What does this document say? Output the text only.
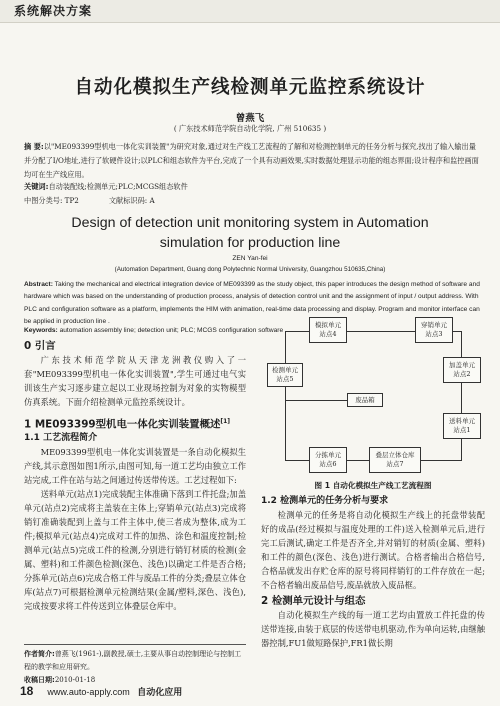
系统解决方案
自动化模拟生产线检测单元监控系统设计
曾燕飞
( 广东技术师范学院自动化学院, 广州 510635 )
摘 要:以"ME093399型机电一体化实训装置"为研究对象,通过对生产线工艺流程的了解和对检测控制单元的任务分析与探究,找出了输入输出量并分配了I/O地址,进行了软硬件设计;以PLC和组态软件为平台,完成了一个具有动画效果,实时数据处理显示功能的组态界面;设计程序和监控画面均可在生产线应用。
关键词:自动装配线;检测单元;PLC;MCGS组态软件
中图分类号: TP2	文献标识码: A
Design of detection unit monitoring system in Automation simulation for production line
ZEN Yan-fei
(Automation Department, Guang dong Polytechnic Normal University, Guangzhou 510635,China)
Abstract: Taking the mechanical and electrical integration device of ME093399 as the study object, this paper introduces the design method of software and hardware which was based on the understanding of production process, analysis of detection control unit and the assignment of input / output address. With PLC and configuration software as a platform, implements the HIM with animation, real-time data processing and display. Program and monitor interface can be applied in production line .
Keywords: automation assembly line; detection unit; PLC; MCGS configuration software
0 引言

广东技术师范学院从天津龙洲教仪购入了一套"ME093399型机电一体化实训装置",学生可通过电气实训该生产实习逐步建立起以工业现场控制为对象的实物模型仿真系统。下面介绍检测单元监控系统设计。

1 ME093399型机电一体化实训装置概述[1]
1.1 工艺流程简介

ME093399型机电一体化实训装置是一条自动化模拟生产线,其示意图如图1所示,由图可知,每一道工艺均由独立工作站完成,工件在站与站之间通过传送带传送。工艺过程如下:

送料单元(站点1)完成装配主体准确下落到工件托盘;加盖单元(站点2)完成将主盖装在主体上;穿销单元(站点3)完成将销钉准确装配到上盖与工件主体中,使三者成为整体,成为工件;模拟单元(站点4)完成对工件的加热、涂色和温度控制;检测单元(站点5)完成工件的检测,分别进行销钉材质的检测(金属、塑料)和工件颜色检测(深色、浅色)以确定工件是否合格;分拣单元(站点6)完成合格工件与废品工件的分类;叠层立体仓库(站点7)可根据检测单元检测结果(金属/塑料,深色、浅色),完成按要求将工件传送到立体叠层仓库中。

模拟单元
站点4
穿销单元
站点3
检测单元
站点5
加盖单元
站点2
废品箱
送料单元
站点1
分拣单元
站点6
叠层立体仓库
站点7
图 1 自动化模拟生产线工艺流程图
1.2 检测单元的任务分析与要求

检测单元的任务是将自动化模拟生产线上的托盘带装配好的成品(经过模拟与温度处理的工件)送入检测单元后,进行完工后测试,确定工件是否齐全,并对销钉的材质(金属、塑料)和工件的颜色(深色、浅色)进行测试。合格者输出合格信号,合格品就发出存贮仓库的原号将同样销钉的工件存放在一起;不合格者输出废品信号,废品就放入废品框。

2 检测单元设计与组态

自动化模拟生产线的每一道工艺均由置放工件托盘的传送带连接,由装于底层的传送带电机驱动,作为单向运转,由继触器控制,FU1做短路保护,FR1做长期

作者简介:曾燕飞(1961-),副教授,硕士,主要从事自动控制理论与控制工程的教学和应用研究。
收稿日期:2010-01-18
18 www.auto-apply.com 自动化应用
